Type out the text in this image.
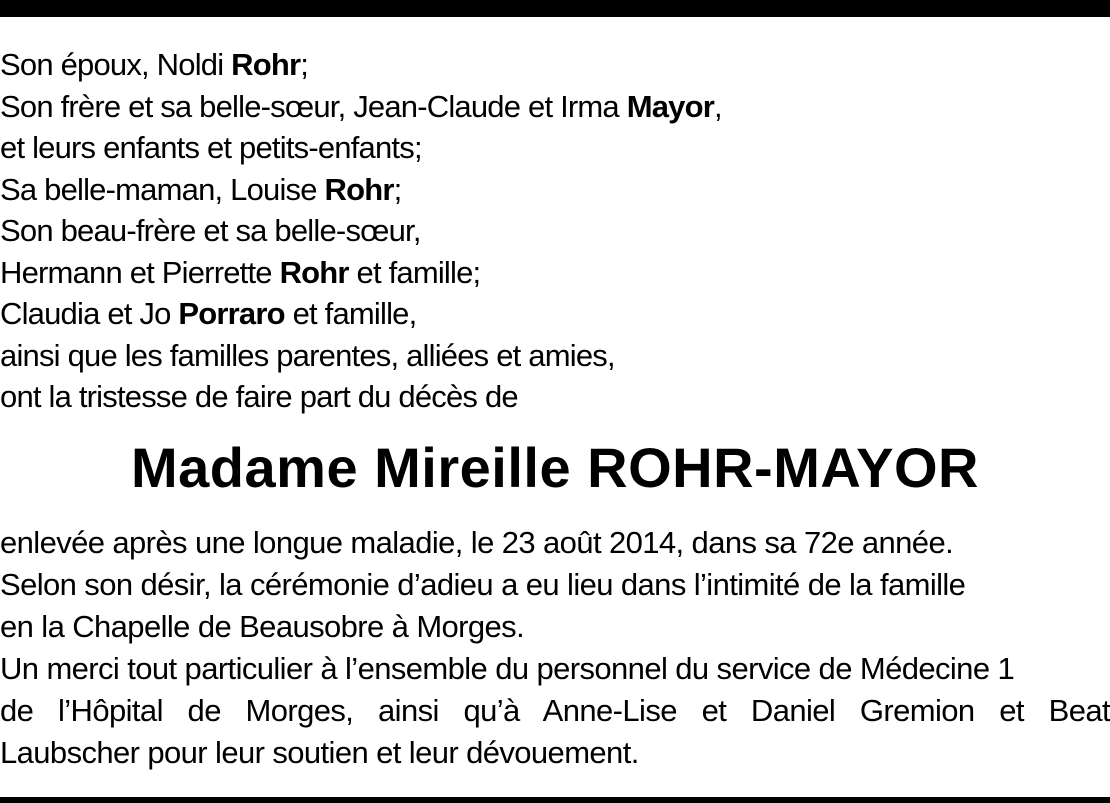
Son époux, Noldi Rohr;
Son frère et sa belle-sœur, Jean-Claude et Irma Mayor,
et leurs enfants et petits-enfants;
Sa belle-maman, Louise Rohr;
Son beau-frère et sa belle-sœur,
Hermann et Pierrette Rohr et famille;
Claudia et Jo Porraro et famille,
ainsi que les familles parentes, alliées et amies,
ont la tristesse de faire part du décès de
Madame Mireille ROHR-MAYOR
enlevée après une longue maladie, le 23 août 2014, dans sa 72e année.
Selon son désir, la cérémonie d’adieu a eu lieu dans l’intimité de la famille
en la Chapelle de Beausobre à Morges.
Un merci tout particulier à l’ensemble du personnel du service de Médecine 1
de l’Hôpital de Morges, ainsi qu’à Anne-Lise et Daniel Gremion et Beat
Laubscher pour leur soutien et leur dévouement.
